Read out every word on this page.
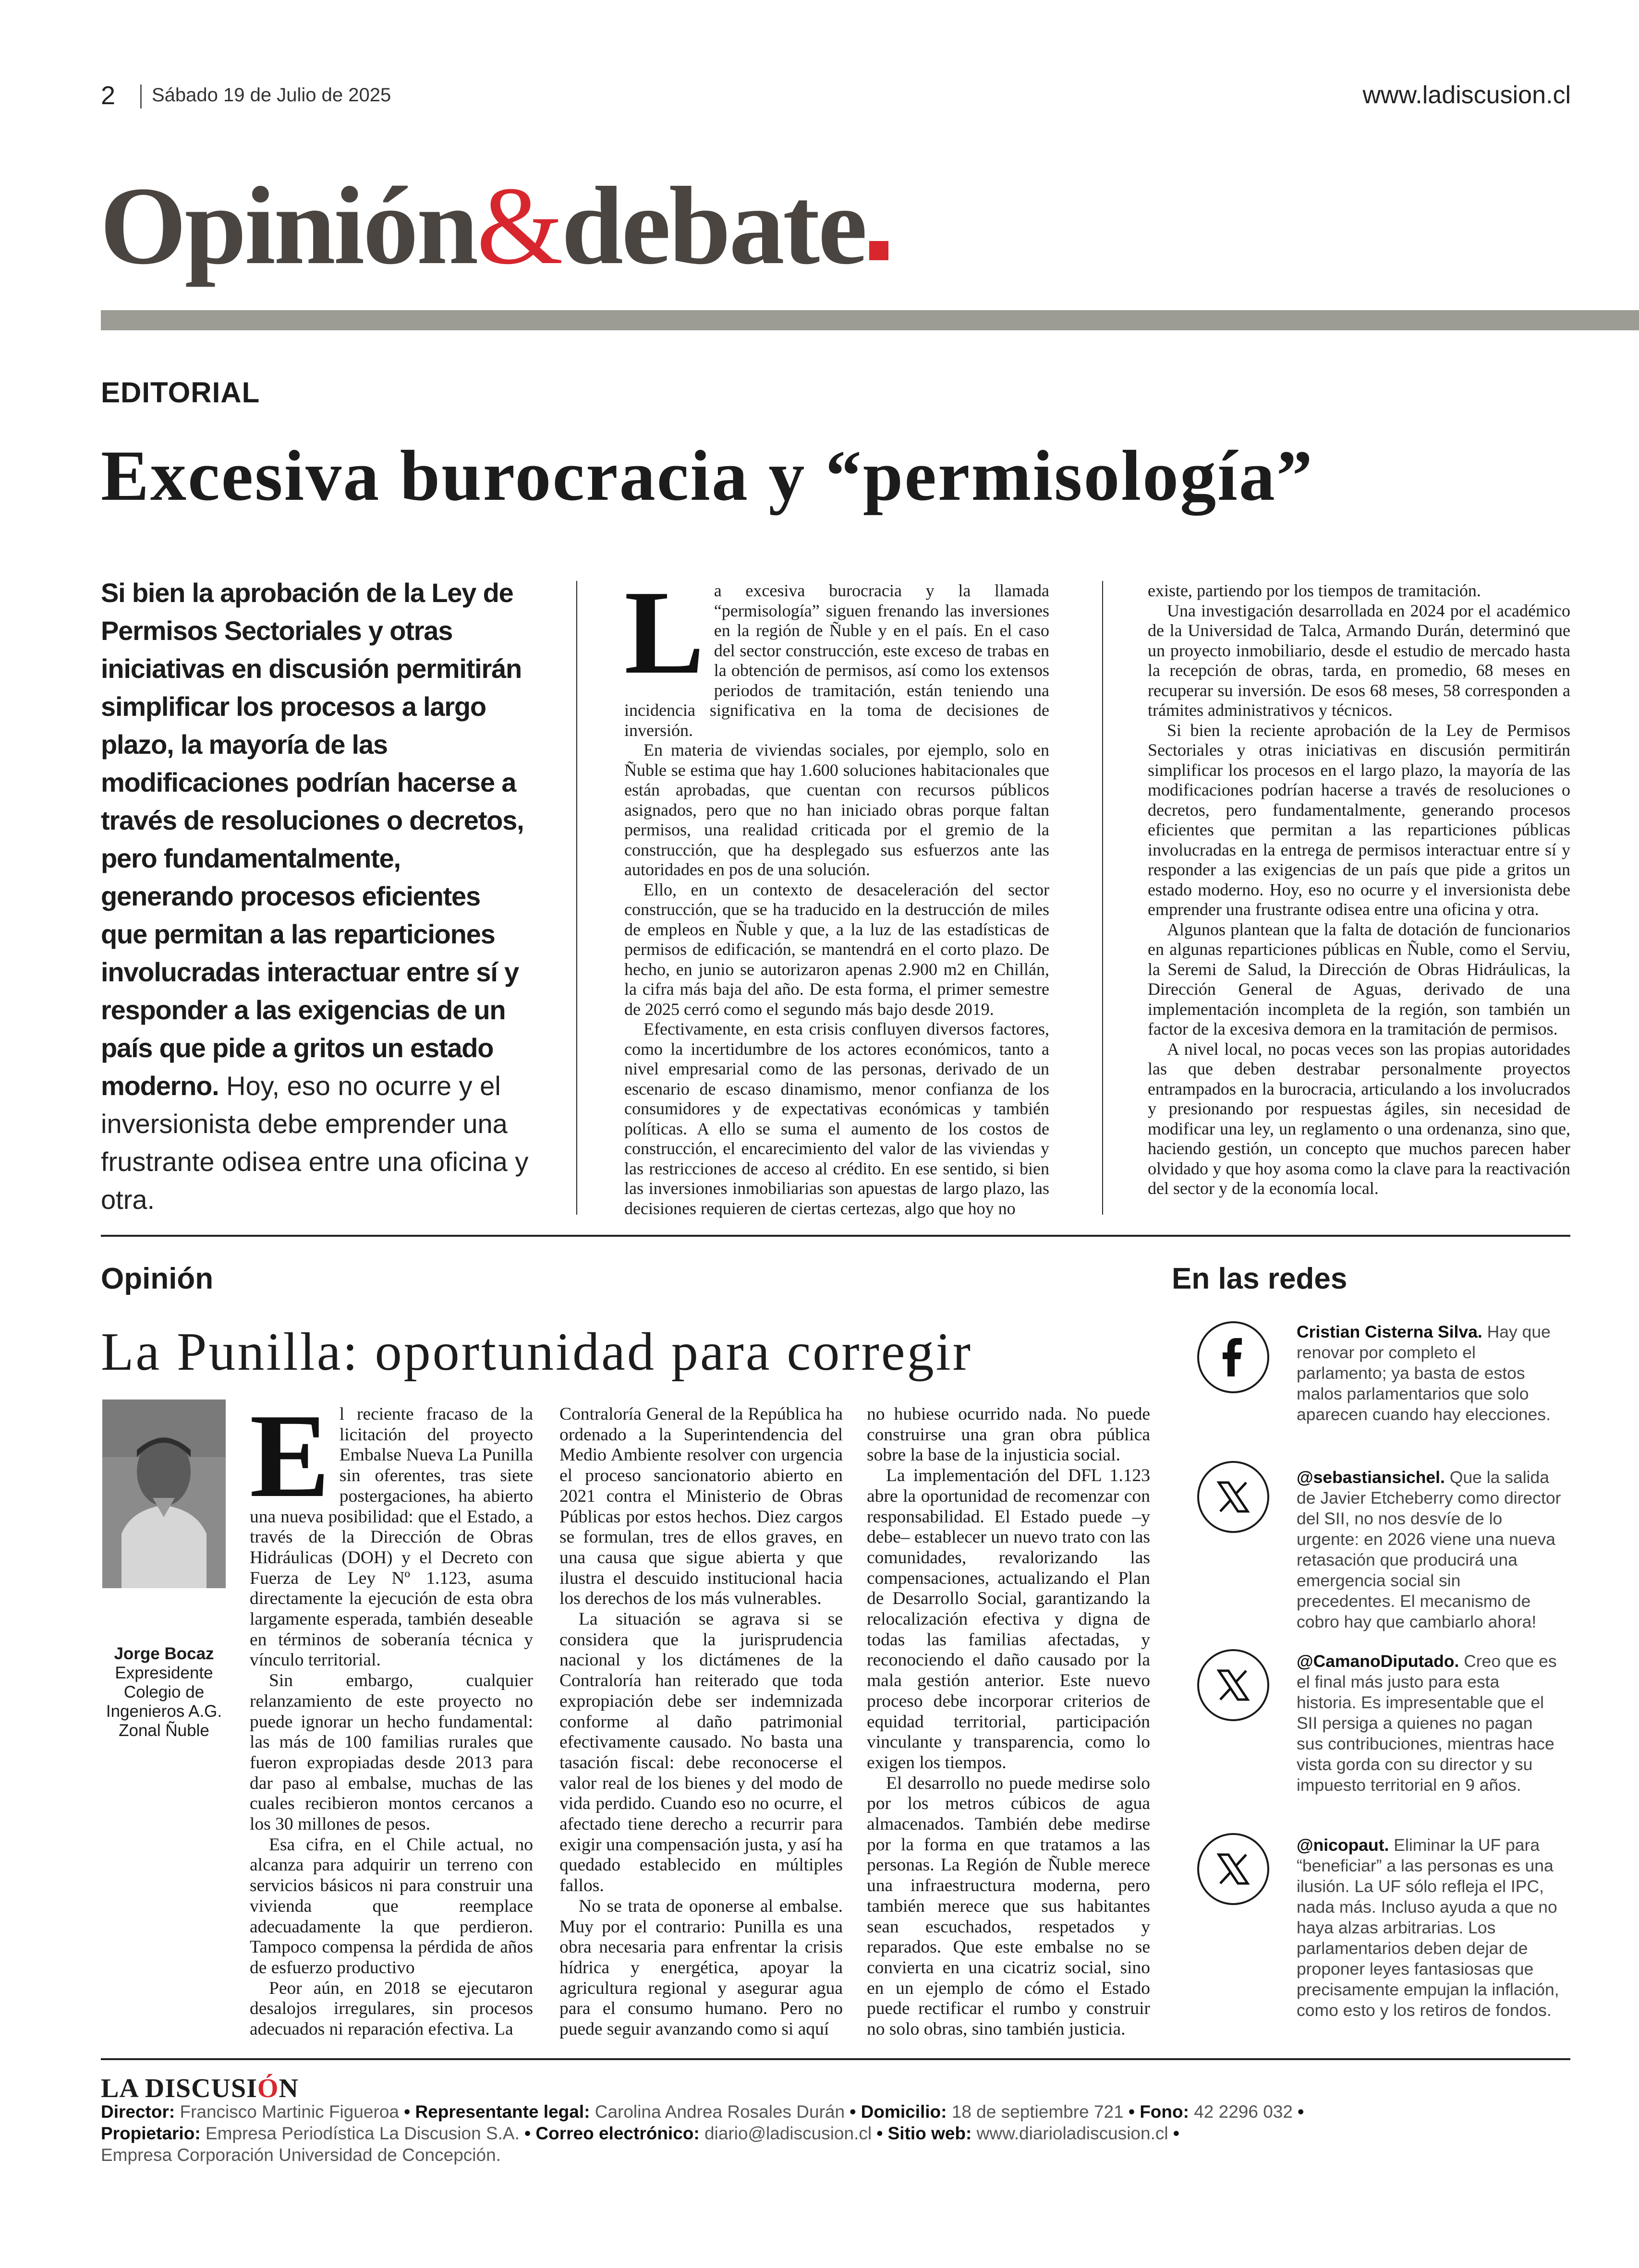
2 Sábado 19 de Julio de 2025	www.ladiscusion.cl
Opinión&debate
EDITORIAL
Excesiva burocracia y “permisología”
Si bien la aprobación de la Ley de Permisos Sectoriales y otras iniciativas en discusión permitirán simplificar los procesos a largo plazo, la mayoría de las modificaciones podrían hacerse a través de resoluciones o decretos, pero fundamentalmente, generando procesos eficientes que permitan a las reparticiones involucradas interactuar entre sí y responder a las exigencias de un país que pide a gritos un estado moderno. Hoy, eso no ocurre y el inversionista debe emprender una frustrante odisea entre una oficina y otra.

La excesiva burocracia y la llamada “permisología” siguen frenando las inversiones en la región de Ñuble y en el país. En el caso del sector construcción, este exceso de trabas en la obtención de permisos, así como los extensos periodos de tramitación, están teniendo una incidencia significativa en la toma de decisiones de inversión.

En materia de viviendas sociales, por ejemplo, solo en Ñuble se estima que hay 1.600 soluciones habitacionales que están aprobadas, que cuentan con recursos públicos asignados, pero que no han iniciado obras porque faltan permisos, una realidad criticada por el gremio de la construcción, que ha desplegado sus esfuerzos ante las autoridades en pos de una solución.

Ello, en un contexto de desaceleración del sector construcción, que se ha traducido en la destrucción de miles de empleos en Ñuble y que, a la luz de las estadísticas de permisos de edificación, se mantendrá en el corto plazo. De hecho, en junio se autorizaron apenas 2.900 m2 en Chillán, la cifra más baja del año. De esta forma, el primer semestre de 2025 cerró como el segundo más bajo desde 2019.

Efectivamente, en esta crisis confluyen diversos factores, como la incertidumbre de los actores económicos, tanto a nivel empresarial como de las personas, derivado de un escenario de escaso dinamismo, menor confianza de los consumidores y de expectativas económicas y también políticas. A ello se suma el aumento de los costos de construcción, el encarecimiento del valor de las viviendas y las restricciones de acceso al crédito. En ese sentido, si bien las inversiones inmobiliarias son apuestas de largo plazo, las decisiones requieren de ciertas certezas, algo que hoy no

existe, partiendo por los tiempos de tramitación.

Una investigación desarrollada en 2024 por el académico de la Universidad de Talca, Armando Durán, determinó que un proyecto inmobiliario, desde el estudio de mercado hasta la recepción de obras, tarda, en promedio, 68 meses en recuperar su inversión. De esos 68 meses, 58 corresponden a trámites administrativos y técnicos.

Si bien la reciente aprobación de la Ley de Permisos Sectoriales y otras iniciativas en discusión permitirán simplificar los procesos en el largo plazo, la mayoría de las modificaciones podrían hacerse a través de resoluciones o decretos, pero fundamentalmente, generando procesos eficientes que permitan a las reparticiones públicas involucradas en la entrega de permisos interactuar entre sí y responder a las exigencias de un país que pide a gritos un estado moderno. Hoy, eso no ocurre y el inversionista debe emprender una frustrante odisea entre una oficina y otra.

Algunos plantean que la falta de dotación de funcionarios en algunas reparticiones públicas en Ñuble, como el Serviu, la Seremi de Salud, la Dirección de Obras Hidráulicas, la Dirección General de Aguas, derivado de una implementación incompleta de la región, son también un factor de la excesiva demora en la tramitación de permisos.

A nivel local, no pocas veces son las propias autoridades las que deben destrabar personalmente proyectos entrampados en la burocracia, articulando a los involucrados y presionando por respuestas ágiles, sin necesidad de modificar una ley, un reglamento o una ordenanza, sino que, haciendo gestión, un concepto que muchos parecen haber olvidado y que hoy asoma como la clave para la reactivación del sector y de la economía local.

Opinión
La Punilla: oportunidad para corregir
Jorge Bocaz
Expresidente Colegio de Ingenieros A.G. Zonal Ñuble

El reciente fracaso de la licitación del proyecto Embalse Nueva La Punilla sin oferentes, tras siete postergaciones, ha abierto una nueva posibilidad: que el Estado, a través de la Dirección de Obras Hidráulicas (DOH) y el Decreto con Fuerza de Ley Nº 1.123, asuma directamente la ejecución de esta obra largamente esperada, también deseable en términos de soberanía técnica y vínculo territorial.

Sin embargo, cualquier relanzamiento de este proyecto no puede ignorar un hecho fundamental: las más de 100 familias rurales que fueron expropiadas desde 2013 para dar paso al embalse, muchas de las cuales recibieron montos cercanos a los 30 millones de pesos.

Esa cifra, en el Chile actual, no alcanza para adquirir un terreno con servicios básicos ni para construir una vivienda que reemplace adecuadamente la que perdieron. Tampoco compensa la pérdida de años de esfuerzo productivo

Peor aún, en 2018 se ejecutaron desalojos irregulares, sin procesos adecuados ni reparación efectiva. La

Contraloría General de la República ha ordenado a la Superintendencia del Medio Ambiente resolver con urgencia el proceso sancionatorio abierto en 2021 contra el Ministerio de Obras Públicas por estos hechos. Diez cargos se formulan, tres de ellos graves, en una causa que sigue abierta y que ilustra el descuido institucional hacia los derechos de los más vulnerables.

La situación se agrava si se considera que la jurisprudencia nacional y los dictámenes de la Contraloría han reiterado que toda expropiación debe ser indemnizada conforme al daño patrimonial efectivamente causado. No basta una tasación fiscal: debe reconocerse el valor real de los bienes y del modo de vida perdido. Cuando eso no ocurre, el afectado tiene derecho a recurrir para exigir una compensación justa, y así ha quedado establecido en múltiples fallos.

No se trata de oponerse al embalse. Muy por el contrario: Punilla es una obra necesaria para enfrentar la crisis hídrica y energética, apoyar la agricultura regional y asegurar agua para el consumo humano. Pero no puede seguir avanzando como si aquí

no hubiese ocurrido nada. No puede construirse una gran obra pública sobre la base de la injusticia social.

La implementación del DFL 1.123 abre la oportunidad de recomenzar con responsabilidad. El Estado puede –y debe– establecer un nuevo trato con las comunidades, revalorizando las compensaciones, actualizando el Plan de Desarrollo Social, garantizando la relocalización efectiva y digna de todas las familias afectadas, y reconociendo el daño causado por la mala gestión anterior. Este nuevo proceso debe incorporar criterios de equidad territorial, participación vinculante y transparencia, como lo exigen los tiempos.

El desarrollo no puede medirse solo por los metros cúbicos de agua almacenados. También debe medirse por la forma en que tratamos a las personas. La Región de Ñuble merece una infraestructura moderna, pero también merece que sus habitantes sean escuchados, respetados y reparados. Que este embalse no se convierta en una cicatriz social, sino en un ejemplo de cómo el Estado puede rectificar el rumbo y construir no solo obras, sino también justicia.

En las redes
Cristian Cisterna Silva. Hay que renovar por completo el parlamento; ya basta de estos malos parlamentarios que solo aparecen cuando hay elecciones.
@sebastiansichel. Que la salida de Javier Etcheberry como director del SII, no nos desvíe de lo urgente: en 2026 viene una nueva retasación que producirá una emergencia social sin precedentes. El mecanismo de cobro hay que cambiarlo ahora!
@CamanoDiputado. Creo que es el final más justo para esta historia. Es impresentable que el SII persiga a quienes no pagan sus contribuciones, mientras hace vista gorda con su director y su impuesto territorial en 9 años.
@nicopaut. Eliminar la UF para “beneficiar” a las personas es una ilusión. La UF sólo refleja el IPC, nada más. Incluso ayuda a que no haya alzas arbitrarias. Los parlamentarios deben dejar de proponer leyes fantasiosas que precisamente empujan la inflación, como esto y los retiros de fondos.
LA DISCUSIÓN
Director: Francisco Martinic Figueroa • Representante legal: Carolina Andrea Rosales Durán • Domicilio: 18 de septiembre 721 • Fono: 42 2296 032 •
Propietario: Empresa Periodística La Discusion S.A. • Correo electrónico: diario@ladiscusion.cl • Sitio web: www.diarioladiscusion.cl •
Empresa Corporación Universidad de Concepción.
